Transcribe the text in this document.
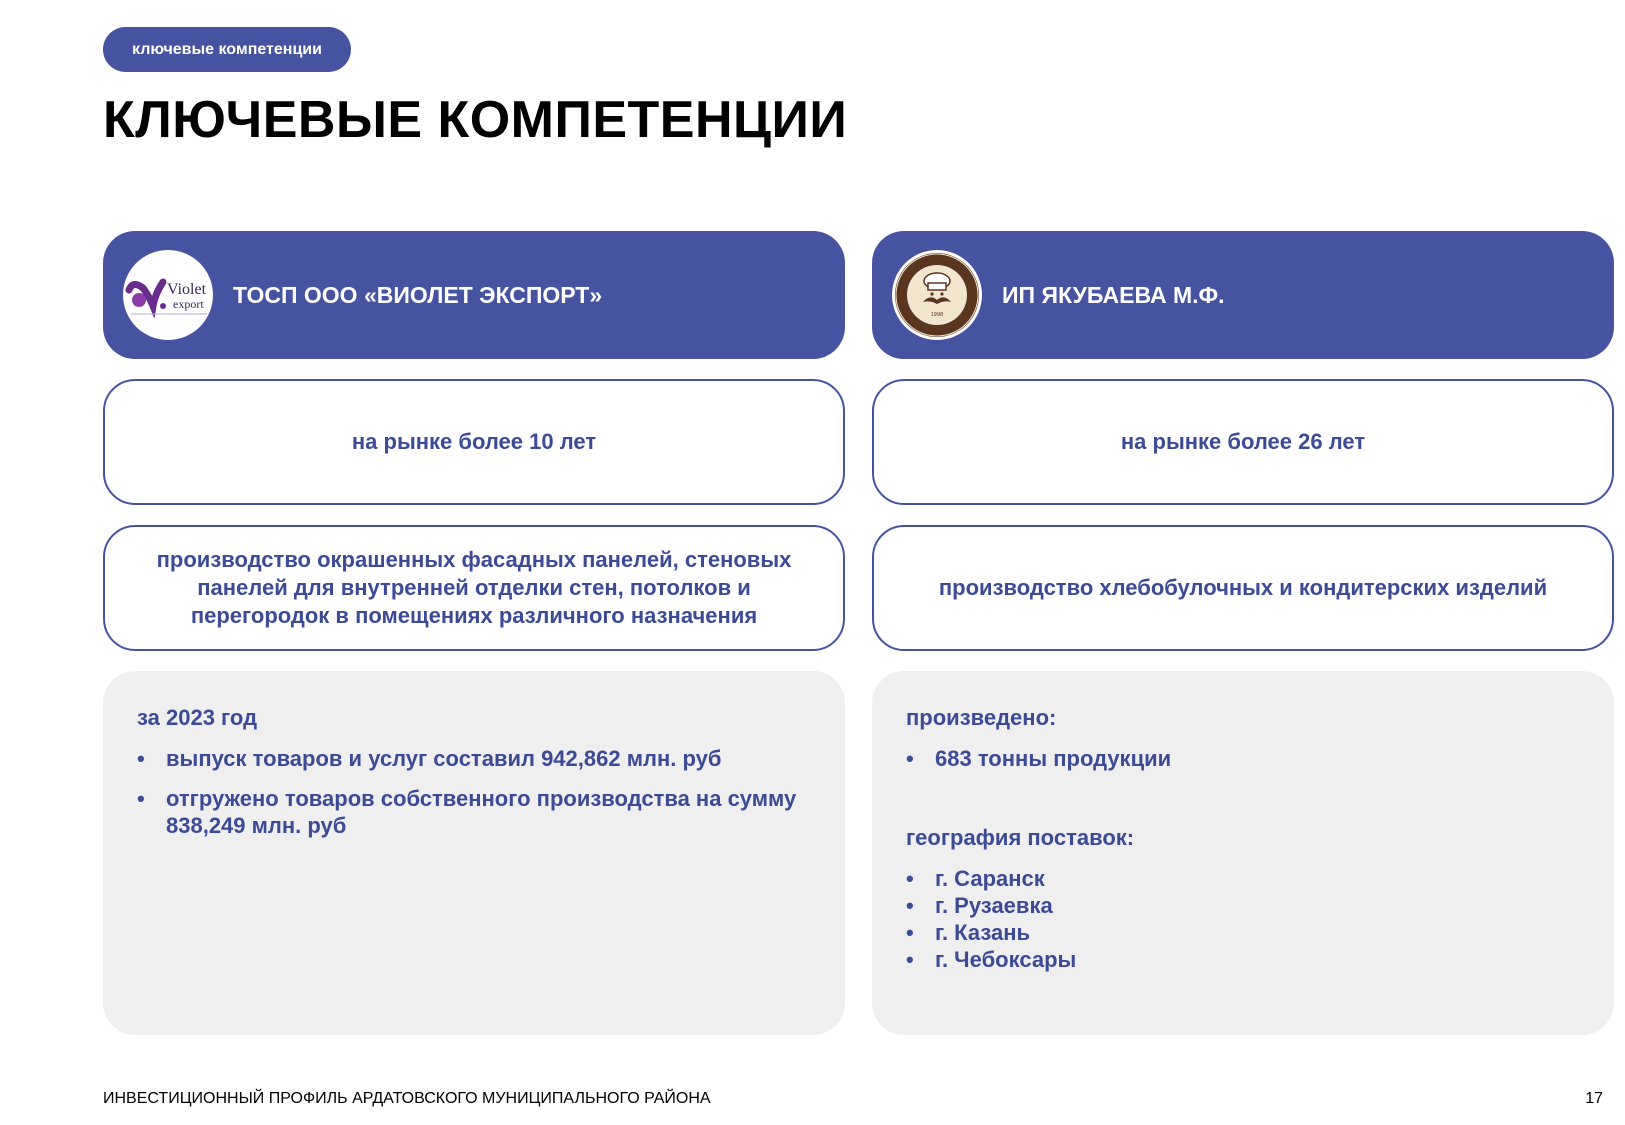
ключевые компетенции
КЛЮЧЕВЫЕ КОМПЕТЕНЦИИ
Violet
export ТОСП ООО «ВИОЛЕТ ЭКСПОРТ»
на рынке более 10 лет
производство окрашенных фасадных панелей, стеновых панелей для внутренней отделки стен, потолков и перегородок в помещениях различного назначения

за 2023 год

• выпуск товаров и услуг составил 942,862 млн. руб
• отгружено товаров собственного производства на сумму 838,249 млн. руб
1998
ИП ЯКУБАЕВА М.Ф.
на рынке более 26 лет
производство хлебобулочных и кондитерских изделий

произведено:

• 683 тонны продукции

география поставок:

• г. Саранск
• г. Рузаевка
• г. Казань
• г. Чебоксары
ИНВЕСТИЦИОННЫЙ ПРОФИЛЬ АРДАТОВСКОГО МУНИЦИПАЛЬНОГО РАЙОНА	17
